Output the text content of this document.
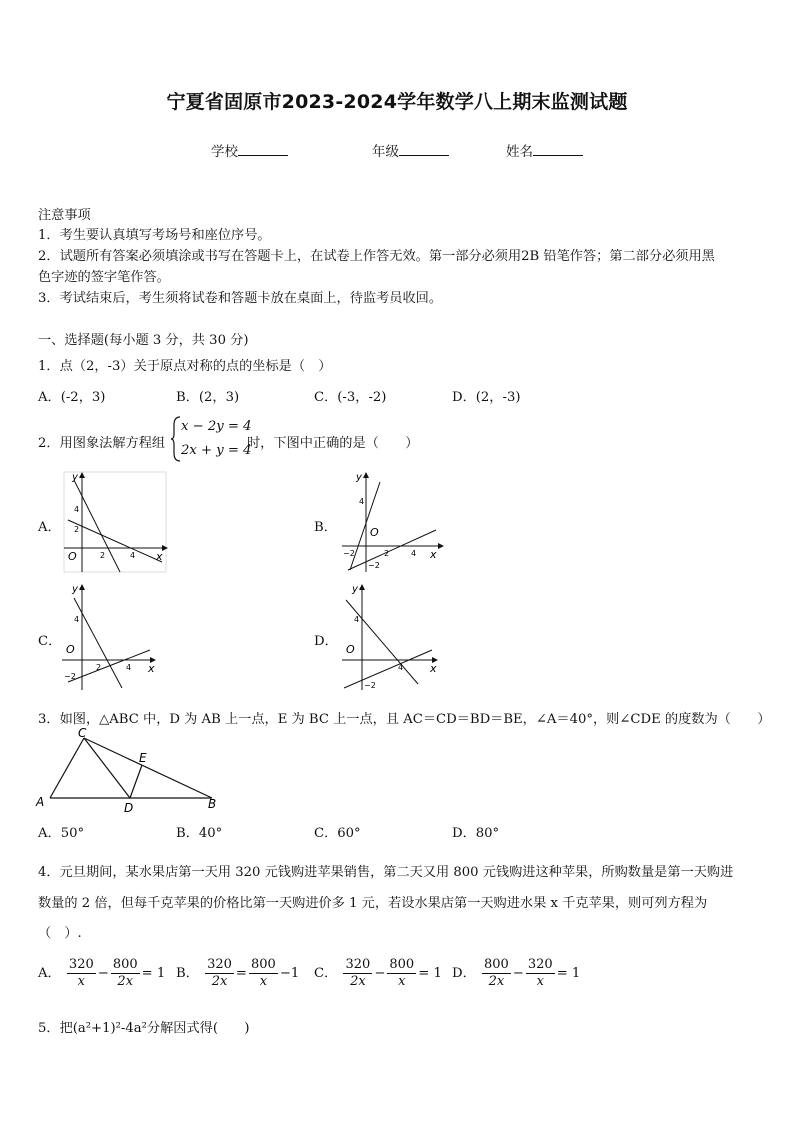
宁夏省固原市2023-2024学年数学八上期末监测试题
学校	年级	姓名
注意事项
1．考生要认真填写考场号和座位序号。
2．试题所有答案必须填涂或书写在答题卡上，在试卷上作答无效。第一部分必须用2B 铅笔作答；第二部分必须用黑
色字迹的签字笔作答。
3．考试结束后，考生须将试卷和答题卡放在桌面上，待监考员收回。
一、选择题(每小题 3 分，共 30 分)
1．点（2，-3）关于原点对称的点的坐标是（　）
A．(-2，3)	B．(2，3)	C．(-3，-2)	D．(2，-3)
2．用图象法解方程组
x − 2y = 4
2x + y = 4
时，下图中正确的是（　　）
A．	B．
C．	D．
y
x
O
4
2
2	4
y
x
O
4
−2	2	4
−2
y
x
O
4
−2
2	4
y
x
O
4
−2
4
3．如图，△ABC 中，D 为 AB 上一点，E 为 BC 上一点，且 AC＝CD＝BD＝BE，∠A＝40°，则∠CDE 的度数为（　　）
C
E
A	D	B
A．50°	B．40°	C．60°	D．80°
4．元旦期间，某水果店第一天用 320 元钱购进苹果销售，第二天又用 800 元钱购进这种苹果，所购数量是第一天购进
数量的 2 倍，但每千克苹果的价格比第一天购进价多 1 元，若设水果店第一天购进水果 x 千克苹果，则可列方程为
（　）.
A． $\frac{320}{x} - \frac{800}{2x} = 1$ B． $\frac{320}{2x} = \frac{800}{x} -1$ C． $\frac{320}{2x} - \frac{800}{x} = 1$ D． $\frac{800}{2x} - \frac{320}{x} = 1$
5．把(a²+1)²-4a²分解因式得(　　)
